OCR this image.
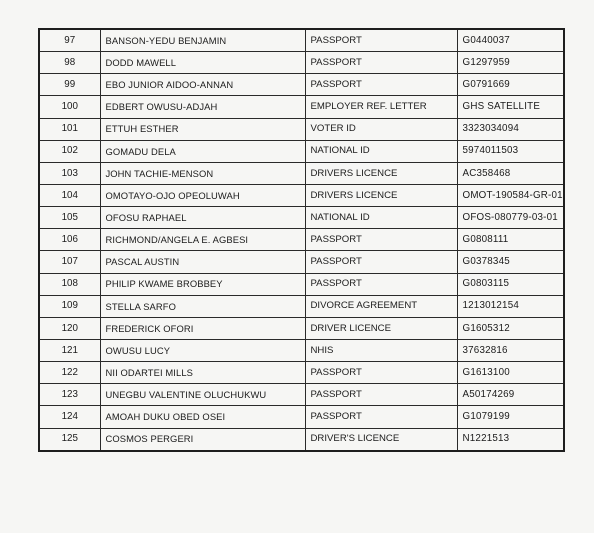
97	BANSON-YEDU BENJAMIN	PASSPORT	G0440037
98	DODD MAWELL	PASSPORT	G1297959
99	EBO JUNIOR AIDOO-ANNAN	PASSPORT	G0791669
100	EDBERT OWUSU-ADJAH	EMPLOYER REF. LETTER	GHS SATELLITE
101	ETTUH ESTHER	VOTER ID	3323034094
102	GOMADU DELA	NATIONAL ID	5974011503
103	JOHN TACHIE-MENSON	DRIVERS LICENCE	AC358468
104	OMOTAYO-OJO OPEOLUWAH	DRIVERS LICENCE	OMOT-190584-GR-01
105	OFOSU RAPHAEL	NATIONAL ID	OFOS-080779-03-01
106	RICHMOND/ANGELA E. AGBESI	PASSPORT	G0808111
107	PASCAL AUSTIN	PASSPORT	G0378345
108	PHILIP KWAME BROBBEY	PASSPORT	G0803115
109	STELLA SARFO	DIVORCE AGREEMENT	1213012154
120	FREDERICK OFORI	DRIVER LICENCE	G1605312
121	OWUSU LUCY	NHIS	37632816
122	NII ODARTEI MILLS	PASSPORT	G1613100
123	UNEGBU VALENTINE OLUCHUKWU	PASSPORT	A50174269
124	AMOAH DUKU OBED OSEI	PASSPORT	G1079199
125	COSMOS PERGERI	DRIVER'S LICENCE	N1221513
